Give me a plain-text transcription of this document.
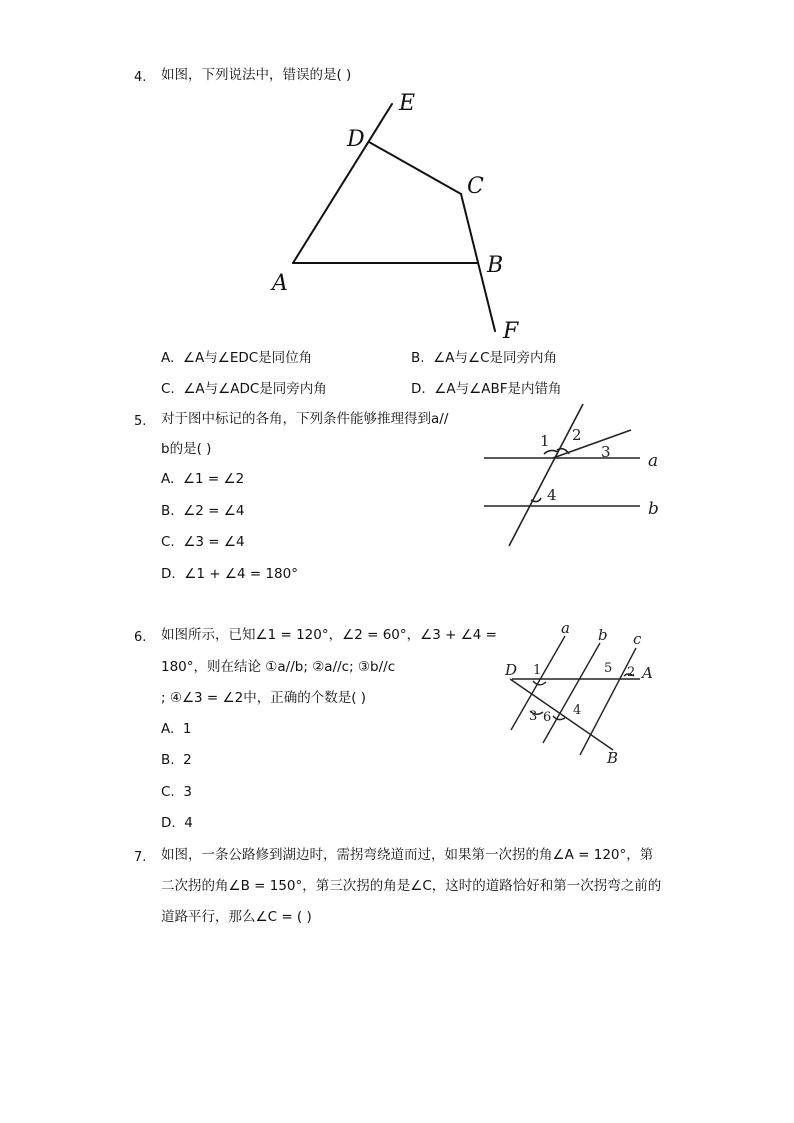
4. 如图，下列说法中，错误的是( )
A
B
C
D
E
F
A. ∠A与∠EDC是同位角	B. ∠A与∠C是同旁内角
C. ∠A与∠ADC是同旁内角	D. ∠A与∠ABF是内错角
5. 对于图中标记的各角，下列条件能够推理得到a//
b的是( )	1 2
3
4
a
b
A. ∠1 = ∠2
B. ∠2 = ∠4
C. ∠3 = ∠4
D. ∠1 + ∠4 = 180°
6. 如图所示，已知∠1 = 120°，∠2 = 60°，∠3 + ∠4 =
180°，则在结论 ①a//b; ②a//c; ③b//c
; ④∠3 = ∠2中，正确的个数是( )
1	2
3	4
5
6
a b c
D	A
B
A. 1
B. 2
C. 3
D. 4
7. 如图，一条公路修到湖边时，需拐弯绕道而过，如果第一次拐的角∠A = 120°，第
二次拐的角∠B = 150°，第三次拐的角是∠C，这时的道路恰好和第一次拐弯之前的
道路平行，那么∠C = ( )
